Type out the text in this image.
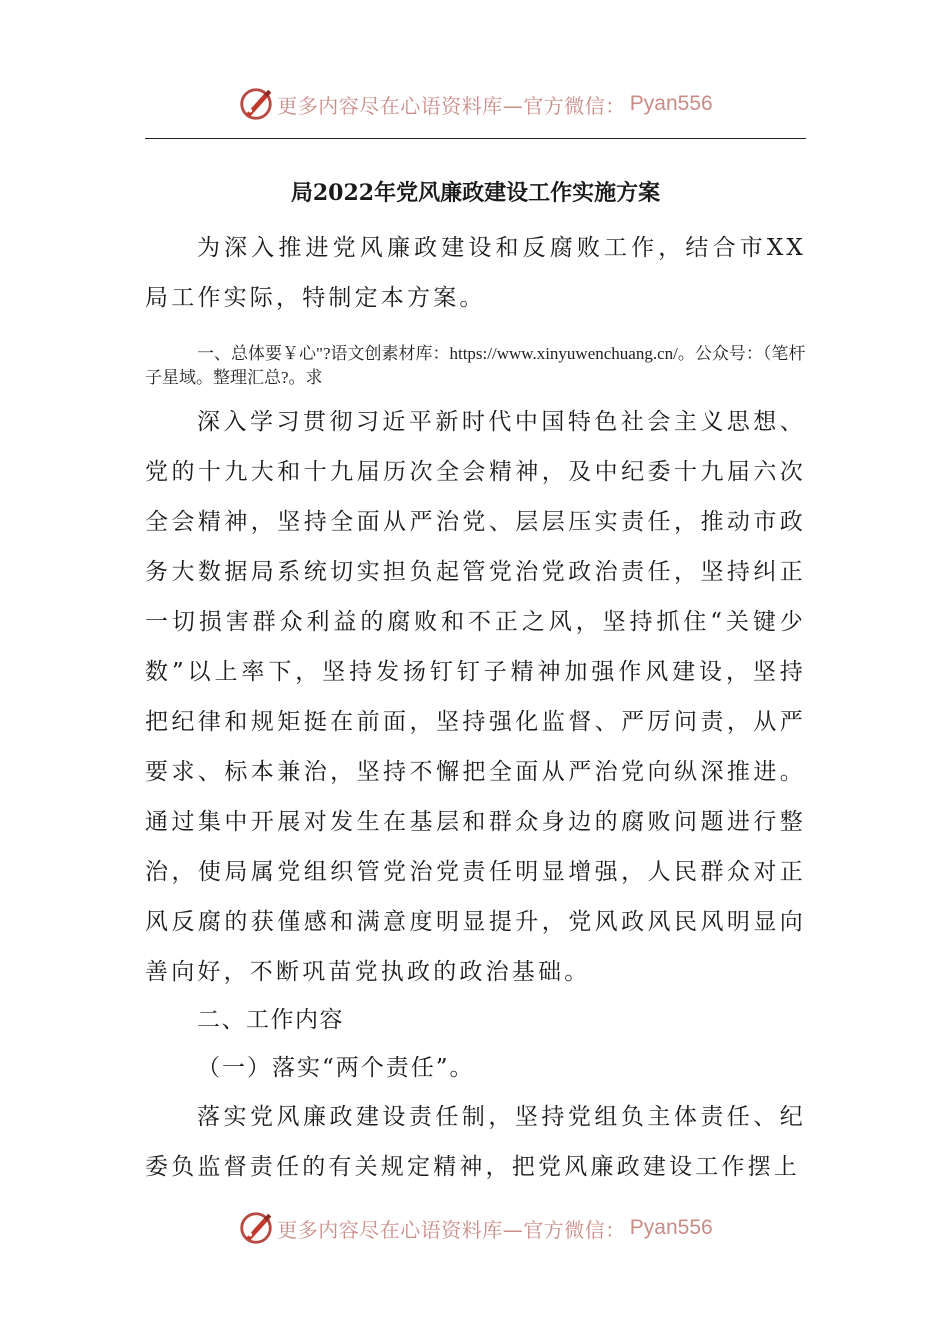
更多内容尽在心语资料库—官方微信： Pyan556
局2022年党风廉政建设工作实施方案

为深入推进党风廉政建设和反腐败工作，结合市XX局工作实际，特制定本方案。

一、总体要￥心"?语文创素材库：https://www.xinyuwenchuang.cn/。公众号：（笔杆子星域。整理汇总?。求

深入学习贯彻习近平新时代中国特色社会主义思想、党的十九大和十九届历次全会精神，及中纪委十九届六次全会精神，坚持全面从严治党、层层压实责任，推动市政务大数据局系统切实担负起管党治党政治责任，坚持纠正一切损害群众利益的腐败和不正之风，坚持抓住“关键少数”以上率下，坚持发扬钉钉子精神加强作风建设，坚持把纪律和规矩挺在前面，坚持强化监督、严厉问责，从严要求、标本兼治，坚持不懈把全面从严治党向纵深推进。通过集中开展对发生在基层和群众身边的腐败问题进行整治，使局属党组织管党治党责任明显增强，人民群众对正风反腐的获僅感和满意度明显提升，党风政风民风明显向善向好，不断巩苗党执政的政治基础。

二、工作内容

（一）落实“两个责任”。

落实党风廉政建设责任制，坚持党组负主体责任、纪委负监督责任的有关规定精神，把党风廉政建设工作摆上

更多内容尽在心语资料库—官方微信： Pyan556
